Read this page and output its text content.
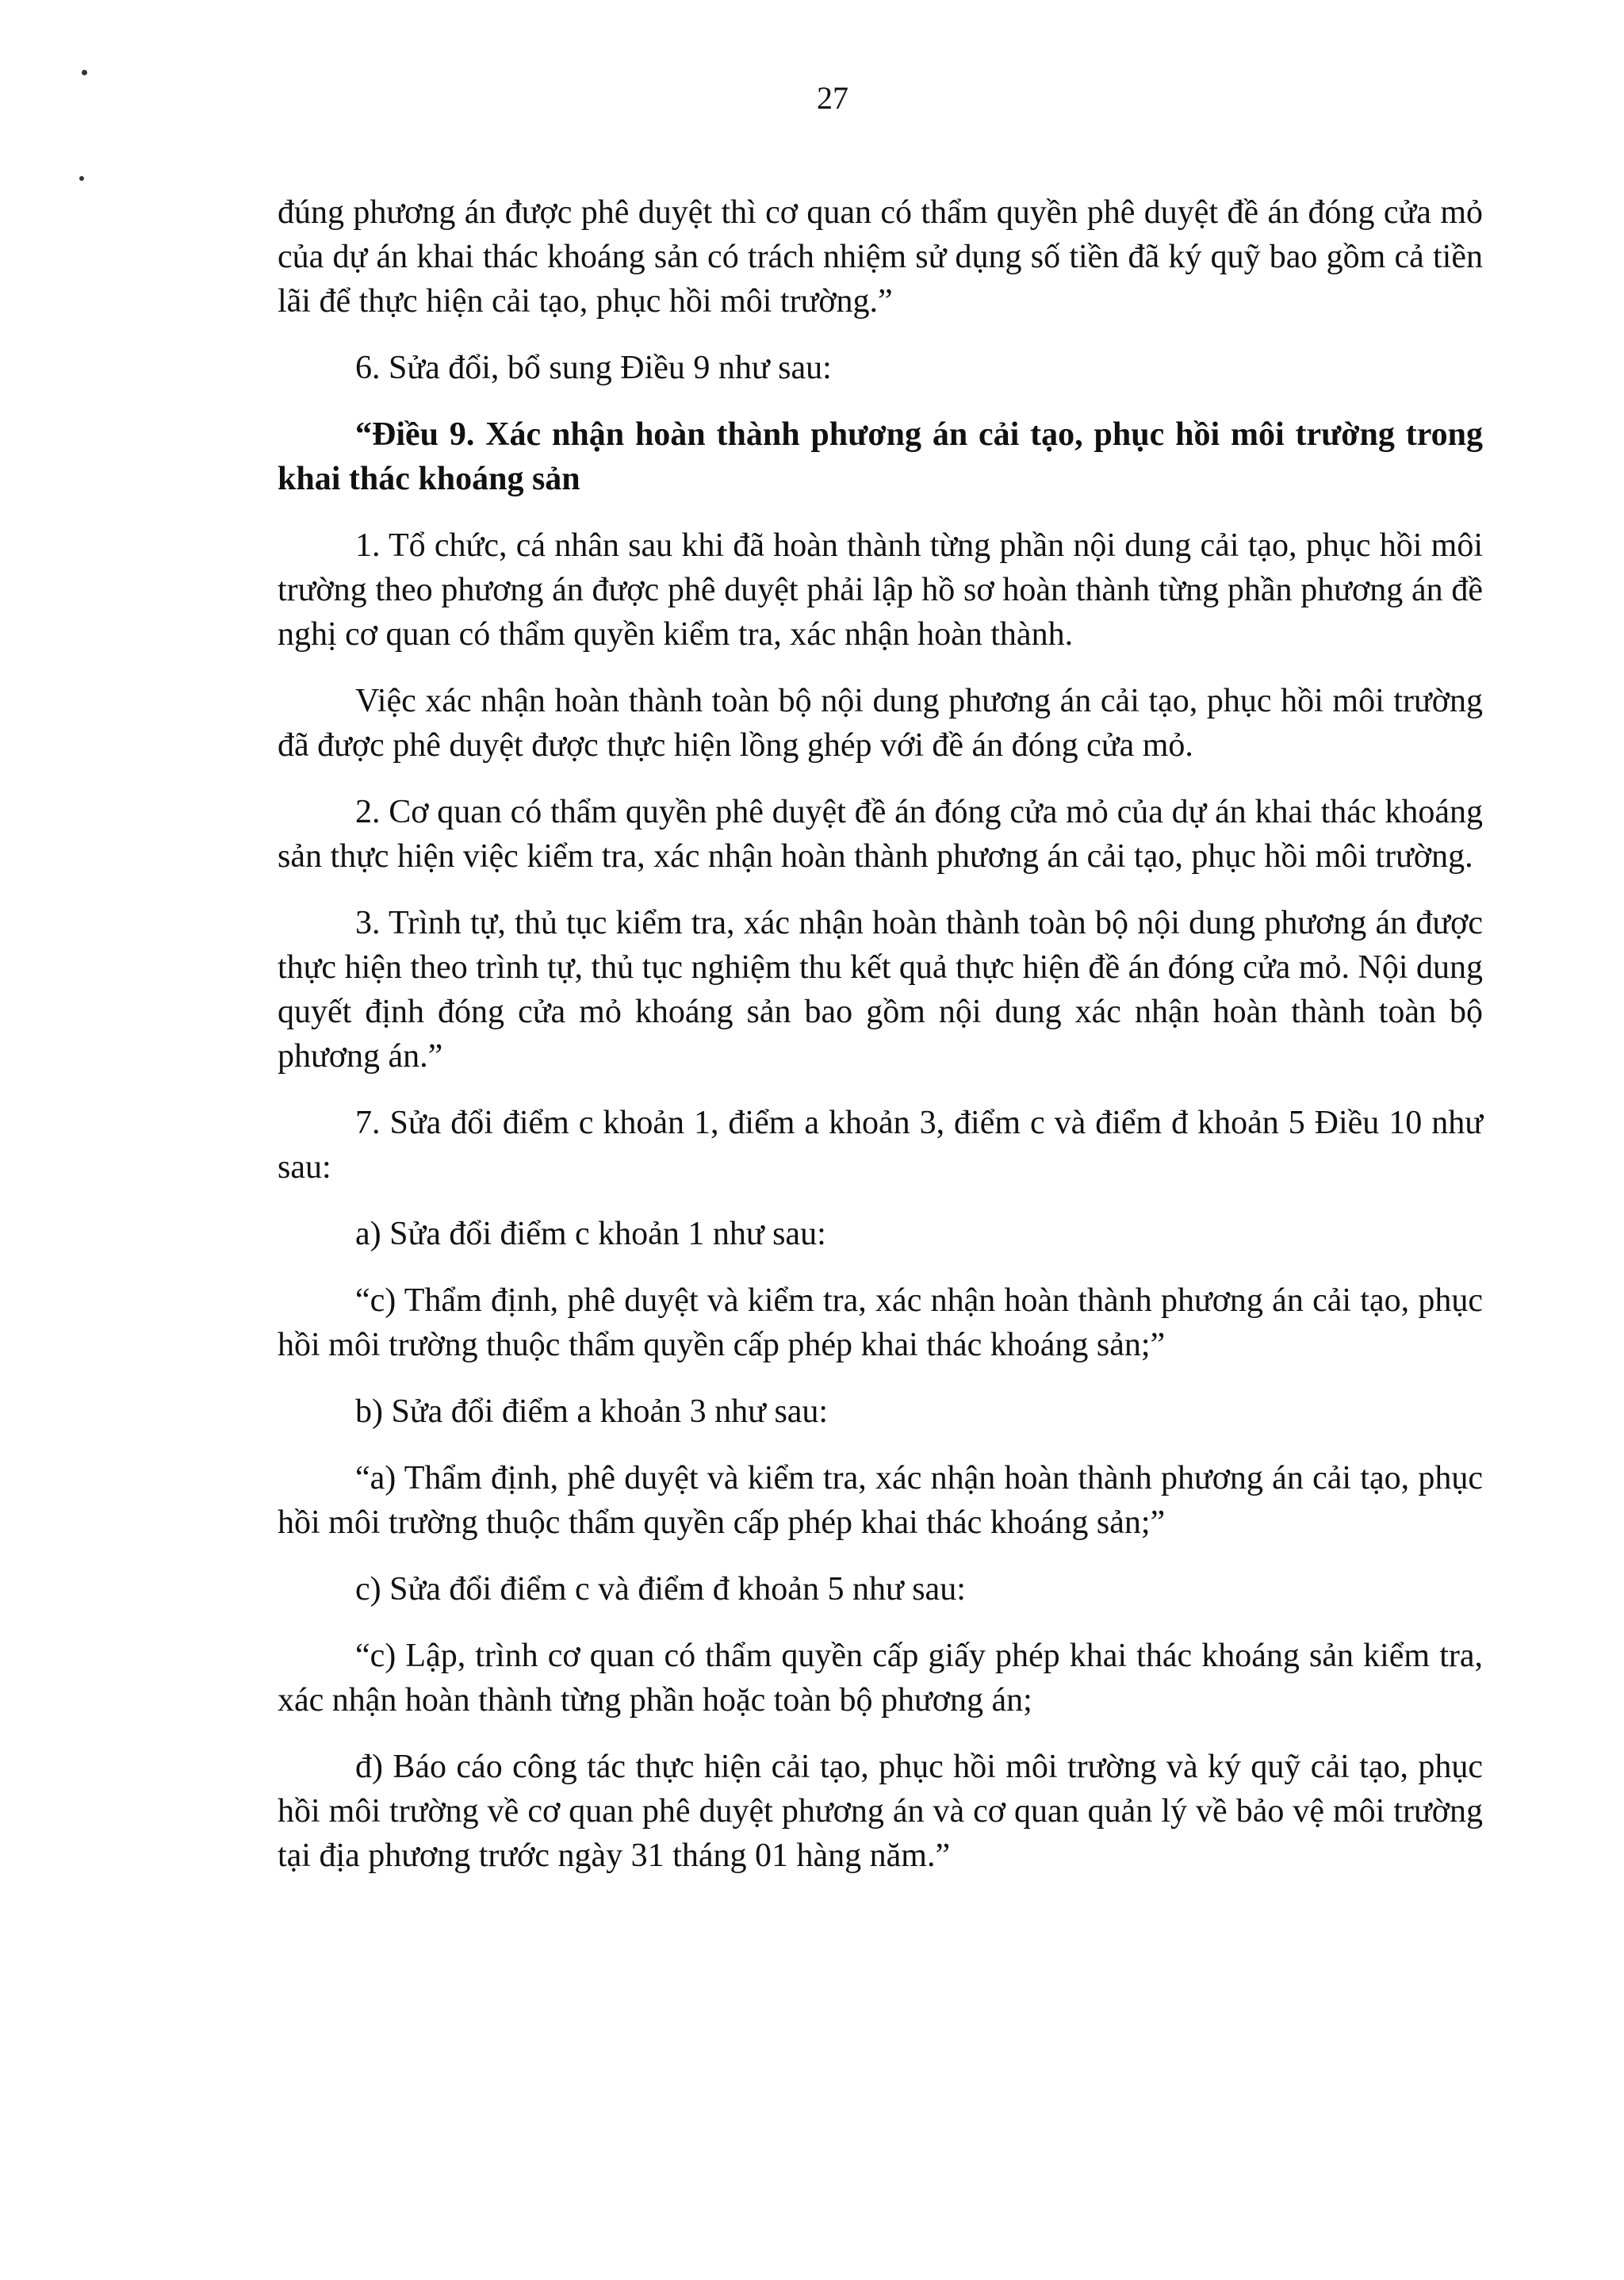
27

đúng phương án được phê duyệt thì cơ quan có thẩm quyền phê duyệt đề án đóng cửa mỏ của dự án khai thác khoáng sản có trách nhiệm sử dụng số tiền đã ký quỹ bao gồm cả tiền lãi để thực hiện cải tạo, phục hồi môi trường.”

6. Sửa đổi, bổ sung Điều 9 như sau:

“Điều 9. Xác nhận hoàn thành phương án cải tạo, phục hồi môi trường trong khai thác khoáng sản

1. Tổ chức, cá nhân sau khi đã hoàn thành từng phần nội dung cải tạo, phục hồi môi trường theo phương án được phê duyệt phải lập hồ sơ hoàn thành từng phần phương án đề nghị cơ quan có thẩm quyền kiểm tra, xác nhận hoàn thành.

Việc xác nhận hoàn thành toàn bộ nội dung phương án cải tạo, phục hồi môi trường đã được phê duyệt được thực hiện lồng ghép với đề án đóng cửa mỏ.

2. Cơ quan có thẩm quyền phê duyệt đề án đóng cửa mỏ của dự án khai thác khoáng sản thực hiện việc kiểm tra, xác nhận hoàn thành phương án cải tạo, phục hồi môi trường.

3. Trình tự, thủ tục kiểm tra, xác nhận hoàn thành toàn bộ nội dung phương án được thực hiện theo trình tự, thủ tục nghiệm thu kết quả thực hiện đề án đóng cửa mỏ. Nội dung quyết định đóng cửa mỏ khoáng sản bao gồm nội dung xác nhận hoàn thành toàn bộ phương án.”

7. Sửa đổi điểm c khoản 1, điểm a khoản 3, điểm c và điểm đ khoản 5 Điều 10 như sau:

a) Sửa đổi điểm c khoản 1 như sau:

“c) Thẩm định, phê duyệt và kiểm tra, xác nhận hoàn thành phương án cải tạo, phục hồi môi trường thuộc thẩm quyền cấp phép khai thác khoáng sản;”

b) Sửa đổi điểm a khoản 3 như sau:

“a) Thẩm định, phê duyệt và kiểm tra, xác nhận hoàn thành phương án cải tạo, phục hồi môi trường thuộc thẩm quyền cấp phép khai thác khoáng sản;”

c) Sửa đổi điểm c và điểm đ khoản 5 như sau:

“c) Lập, trình cơ quan có thẩm quyền cấp giấy phép khai thác khoáng sản kiểm tra, xác nhận hoàn thành từng phần hoặc toàn bộ phương án;

đ) Báo cáo công tác thực hiện cải tạo, phục hồi môi trường và ký quỹ cải tạo, phục hồi môi trường về cơ quan phê duyệt phương án và cơ quan quản lý về bảo vệ môi trường tại địa phương trước ngày 31 tháng 01 hàng năm.”
